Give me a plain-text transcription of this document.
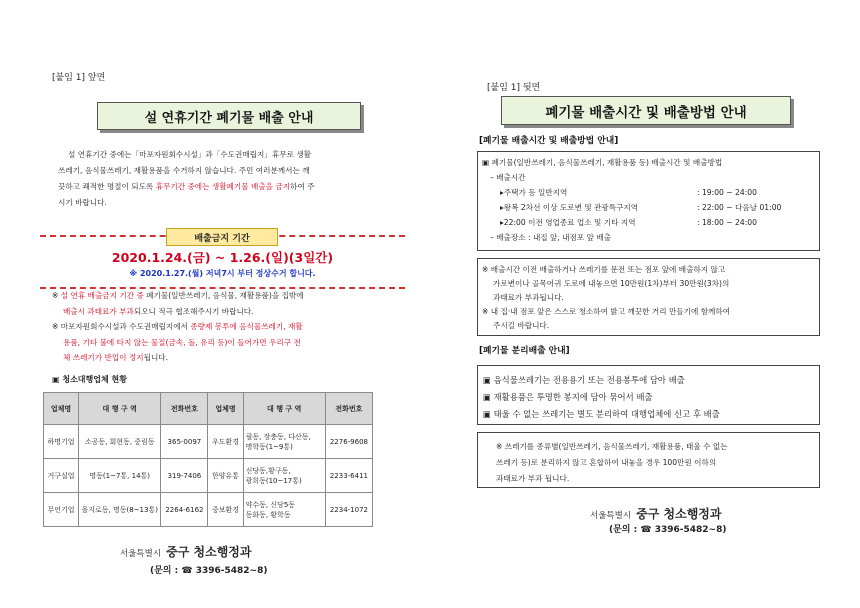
[붙임 1] 앞면
설 연휴기간 폐기물 배출 안내
설 연휴기간 중에는「마포자원회수시설」과「수도권매립지」휴무로 생활
쓰레기, 음식물쓰레기, 재활용품을 수거하지 않습니다. 주민 여러분께서는 깨
끗하고 쾌적한 명절이 되도록 휴무기간 중에는 생활폐기물 배출을 금지하여 주
시기 바랍니다.
배출금지 기간
2020.1.24.(금) ~ 1.26.(일)(3일간)
※ 2020.1.27.(월) 저녁7시 부터 정상수거 합니다.
※ 설 연휴 배출금지 기간 중 폐기물(일반쓰레기, 음식물, 재활용품)을 집밖에
배출시 과태료가 부과되오니 적극 협조해주시기 바랍니다.
※ 마포자원회수시설과 수도권매립지에서 종량제 봉투에 음식물쓰레기, 재활
용품, 기타 불에 타지 않는 물질(금속, 돌, 유리 등)이 들어가면 우리구 전
체 쓰레기가 반입이 정지됩니다.
▣ 청소대행업체 현황
업체명	대 행 구 역	전화번호	업체명	대 행 구 역	전화번호
하명기업	소공동, 회현동, 중림동	365-0097	우도환경	필동, 장충동, 다산동,
명학동(1~9통)	2276-9608
거구실업	명동(1~7통, 14통)	319-7406	한양유통	신당동,황구동,
광희동(10~17통)	2233-6411
무언기업	을지로동, 명동(8~13통)	2264-6162	중보환경	약수동, 신당5동
동화동, 황학동	2234-1072
서울특별시 중구 청소행정과
(문의 : ☎ 3396-5482~8)
[붙임 1] 뒷면
폐기물 배출시간 및 배출방법 안내
[폐기물 배출시간 및 배출방법 안내]
▣ 폐기물(일반쓰레기, 음식물쓰레기, 재활용품 등) 배출시간 및 배출방법
– 배출시간
▸주택가 등 일반지역	: 19:00 ~ 24:00
▸왕복 2차선 이상 도로변 및 관광특구지역	: 22:00 ~ 다음날 01:00
▸22:00 이전 영업종료 업소 및 기타 지역	: 18:00 ~ 24:00
– 배출장소 : 내집 앞, 내점포 앞 배출
※ 배출시간 이전 배출하거나 쓰레기를 문전 또는 점포 앞에 배출하지 않고
가로변이나 골목어귀 도로에 내놓으면 10만원(1차)부터 30만원(3차)의
과태료가 부과됩니다.
※ 내 집·내 점포 앞은 스스로 청소하여 밝고 깨끗한 거리 만들기에 함께하여
주시길 바랍니다.
[폐기물 분리배출 안내]
▣ 음식물쓰레기는 전용용기 또는 전용봉투에 담아 배출
▣ 재활용품은 투명한 봉지에 담아 묶어서 배출
▣ 태울 수 없는 쓰레기는 별도 분리하여 대행업체에 신고 후 배출
※ 쓰레기를 종류별(일반쓰레기, 음식물쓰레기, 재활용품, 태울 수 없는
쓰레기 등)로 분리하지 않고 혼합하여 내놓을 경우 100만원 이하의
과태료가 부과 됩니다.
서울특별시 중구 청소행정과
(문의 : ☎ 3396-5482~8)
